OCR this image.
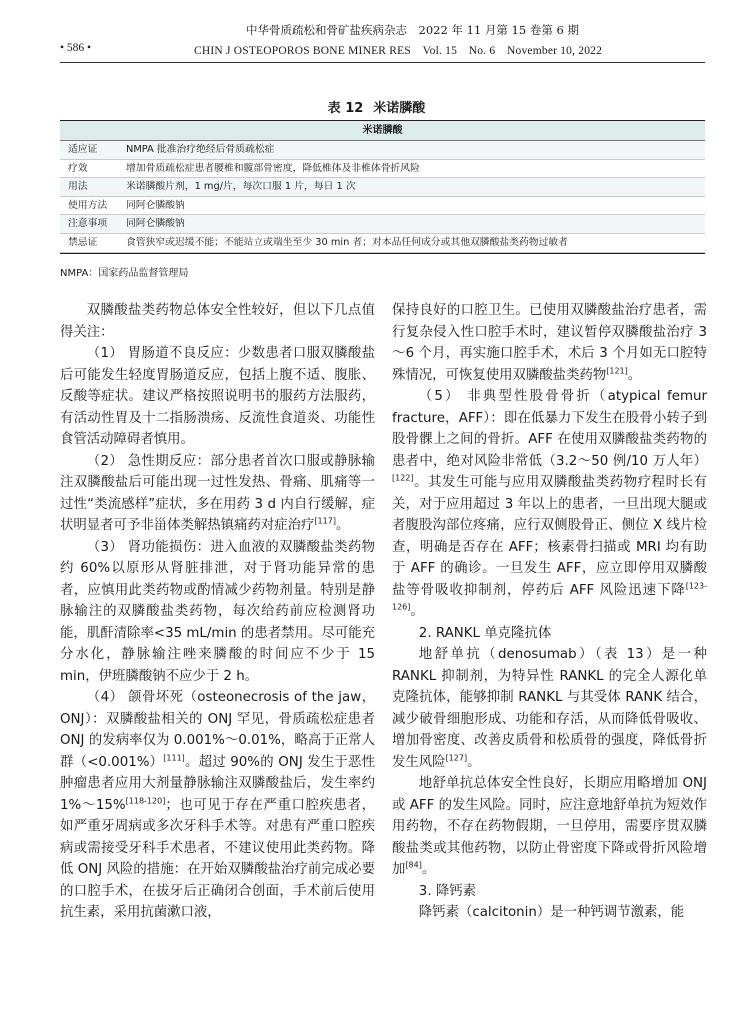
中华骨质疏松和骨矿盐疾病杂志　2022 年 11 月第 15 卷第 6 期
• 586 •	CHIN J OSTEOPOROS BONE MINER RES　Vol. 15　No. 6　November 10, 2022
表 12 米诺膦酸
米诺膦酸
适应证	NMPA 批准治疗绝经后骨质疏松症
疗效	增加骨质疏松症患者腰椎和髋部骨密度，降低椎体及非椎体骨折风险
用法	米诺膦酸片剂，1 mg/片，每次口服 1 片，每日 1 次
使用方法	同阿仑膦酸钠
注意事项	同阿仑膦酸钠
禁忌证	食管狭窄或迟缓不能；不能站立或端坐至少 30 min 者；对本品任何成分或其他双膦酸盐类药物过敏者
NMPA：国家药品监督管理局

双膦酸盐类药物总体安全性较好，但以下几点值得关注：

（1） 胃肠道不良反应：少数患者口服双膦酸盐后可能发生轻度胃肠道反应，包括上腹不适、腹胀、反酸等症状。建议严格按照说明书的服药方法服药，有活动性胃及十二指肠溃疡、反流性食道炎、功能性食管活动障碍者慎用。

（2） 急性期反应：部分患者首次口服或静脉输注双膦酸盐后可能出现一过性发热、骨痛、肌痛等一过性“类流感样”症状，多在用药 3 d 内自行缓解，症状明显者可予非甾体类解热镇痛药对症治疗[117]。

（3） 肾功能损伤：进入血液的双膦酸盐类药物约 60%以原形从肾脏排泄，对于肾功能异常的患者，应慎用此类药物或酌情减少药物剂量。特别是静脉输注的双膦酸盐类药物，每次给药前应检测肾功能，肌酐清除率<35 mL/min 的患者禁用。尽可能充分水化，静脉输注唑来膦酸的时间应不少于 15 min，伊班膦酸钠不应少于 2 h。

（4） 颌骨坏死（osteonecrosis of the jaw，ONJ）：双膦酸盐相关的 ONJ 罕见，骨质疏松症患者 ONJ 的发病率仅为 0.001%～0.01%，略高于正常人群（<0.001%）[111]。超过 90%的 ONJ 发生于恶性肿瘤患者应用大剂量静脉输注双膦酸盐后，发生率约 1%～15%[118-120]；也可见于存在严重口腔疾患者，如严重牙周病或多次牙科手术等。对患有严重口腔疾病或需接受牙科手术患者，不建议使用此类药物。降低 ONJ 风险的措施：在开始双膦酸盐治疗前完成必要的口腔手术，在拔牙后正确闭合创面，手术前后使用抗生素，采用抗菌漱口液，

保持良好的口腔卫生。已使用双膦酸盐治疗患者，需行复杂侵入性口腔手术时，建议暂停双膦酸盐治疗 3～6 个月，再实施口腔手术，术后 3 个月如无口腔特殊情况，可恢复使用双膦酸盐类药物[121]。

（5） 非典型性股骨骨折（atypical femur fracture，AFF）：即在低暴力下发生在股骨小转子到股骨髁上之间的骨折。AFF 在使用双膦酸盐类药物的患者中，绝对风险非常低（3.2～50 例/10 万人年）[122]。其发生可能与应用双膦酸盐类药物疗程时长有关，对于应用超过 3 年以上的患者，一旦出现大腿或者腹股沟部位疼痛，应行双侧股骨正、侧位 X 线片检查，明确是否存在 AFF；核素骨扫描或 MRI 均有助于 AFF 的确诊。一旦发生 AFF，应立即停用双膦酸盐等骨吸收抑制剂，停药后 AFF 风险迅速下降[123-126]。

2. RANKL 单克隆抗体

地舒单抗（denosumab）（表 13）是一种 RANKL 抑制剂，为特异性 RANKL 的完全人源化单克隆抗体，能够抑制 RANKL 与其受体 RANK 结合，减少破骨细胞形成、功能和存活，从而降低骨吸收、增加骨密度、改善皮质骨和松质骨的强度，降低骨折发生风险[127]。

地舒单抗总体安全性良好，长期应用略增加 ONJ 或 AFF 的发生风险。同时，应注意地舒单抗为短效作用药物，不存在药物假期，一旦停用，需要序贯双膦酸盐类或其他药物，以防止骨密度下降或骨折风险增加[84]。

3. 降钙素

降钙素（calcitonin）是一种钙调节激素，能
